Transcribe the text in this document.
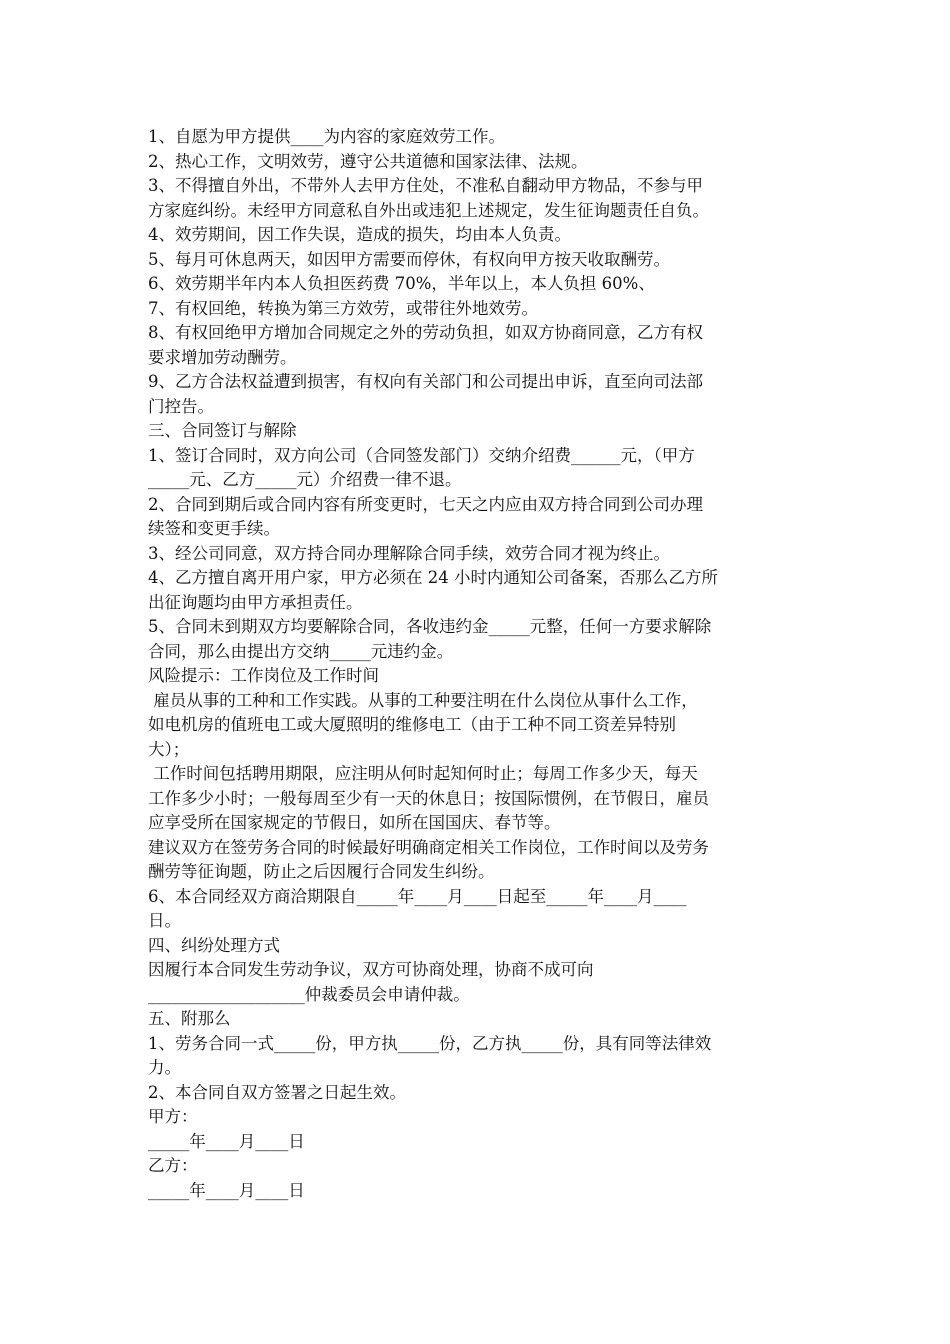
1、自愿为甲方提供____为内容的家庭效劳工作。
2、热心工作，文明效劳，遵守公共道德和国家法律、法规。
3、不得擅自外出，不带外人去甲方住处，不准私自翻动甲方物品，不参与甲
方家庭纠纷。未经甲方同意私自外出或违犯上述规定，发生征询题责任自负。
4、效劳期间，因工作失误，造成的损失，均由本人负责。
5、每月可休息两天，如因甲方需要而停休，有权向甲方按天收取酬劳。
6、效劳期半年内本人负担医药费 70%，半年以上，本人负担 60%、
7、有权回绝，转换为第三方效劳，或带往外地效劳。
8、有权回绝甲方增加合同规定之外的劳动负担，如双方协商同意，乙方有权
要求增加劳动酬劳。
9、乙方合法权益遭到损害，有权向有关部门和公司提出申诉，直至向司法部
门控告。
三、合同签订与解除
1、签订合同时，双方向公司（合同签发部门）交纳介绍费______元，（甲方
_____元、乙方_____元）介绍费一律不退。
2、合同到期后或合同内容有所变更时，七天之内应由双方持合同到公司办理
续签和变更手续。
3、经公司同意，双方持合同办理解除合同手续，效劳合同才视为终止。
4、乙方擅自离开用户家，甲方必须在 24 小时内通知公司备案，否那么乙方所
出征询题均由甲方承担责任。
5、合同未到期双方均要解除合同，各收违约金_____元整，任何一方要求解除
合同，那么由提出方交纳_____元违约金。
风险提示：工作岗位及工作时间
雇员从事的工种和工作实践。从事的工种要注明在什么岗位从事什么工作，
如电机房的值班电工或大厦照明的维修电工（由于工种不同工资差异特别
大）；
工作时间包括聘用期限，应注明从何时起知何时止；每周工作多少天，每天
工作多少小时；一般每周至少有一天的休息日；按国际惯例，在节假日，雇员
应享受所在国家规定的节假日，如所在国国庆、春节等。
建议双方在签劳务合同的时候最好明确商定相关工作岗位，工作时间以及劳务
酬劳等征询题，防止之后因履行合同发生纠纷。
6、本合同经双方商洽期限自_____年____月____日起至_____年____月____
日。
四、纠纷处理方式
因履行本合同发生劳动争议，双方可协商处理，协商不成可向
___________________仲裁委员会申请仲裁。
五、附那么
1、劳务合同一式_____份，甲方执_____份，乙方执_____份，具有同等法律效
力。
2、本合同自双方签署之日起生效。
甲方：
_____年____月____日
乙方：
_____年____月____日
